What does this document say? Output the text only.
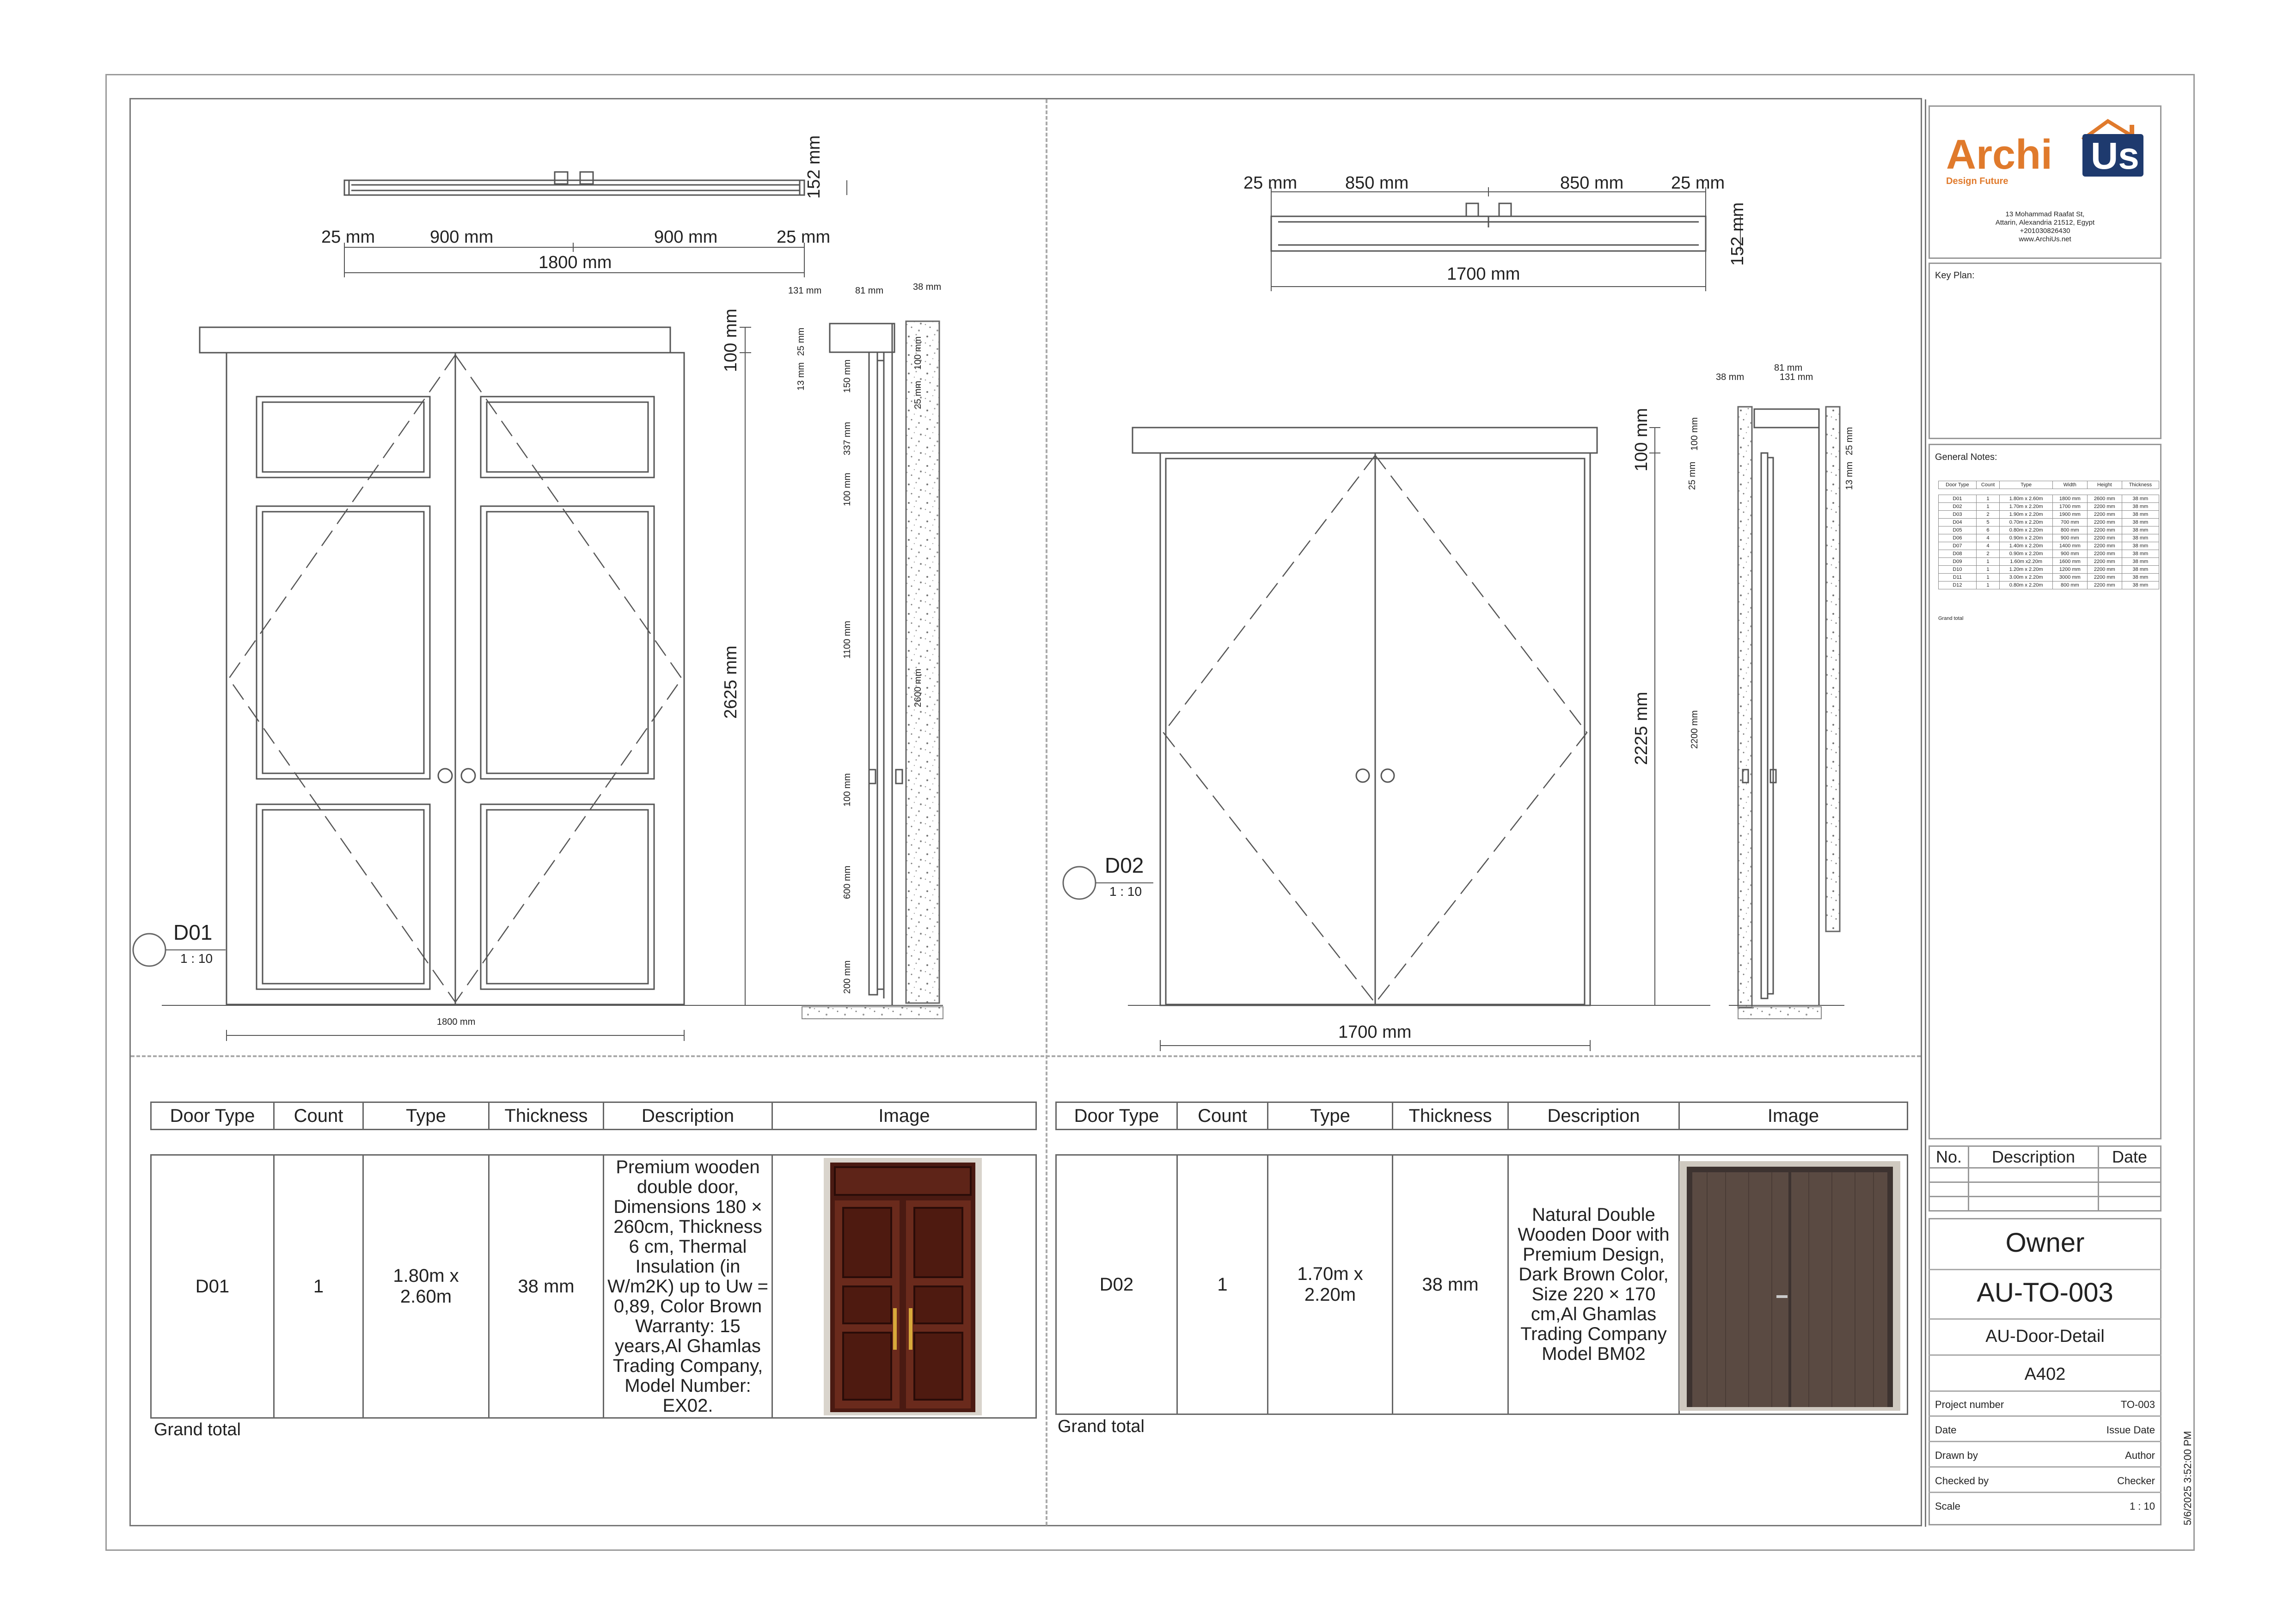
25 mm	900 mm	900 mm	25 mm
1800 mm
152 mm
100 mm
2625 mm
1800 mm
131 mm	81 mm	38 mm
13 mm
25 mm
150 mm
337 mm
100 mm
1100 mm
100 mm
600 mm
200 mm
100 mm
25 mm
2600 mm
D01
1 : 10
25 mm	850 mm	850 mm	25 mm
1700 mm
152 mm
100 mm
2225 mm
1700 mm
81 mm
38 mm	131 mm
25 mm
100 mm
2200 mm
13 mm
25 mm
D02
1 : 10
Door Type	Count	Type	Thickness	Description	Image
D01	1	1.80m x 2.60m	38 mm	Premium wooden double door, Dimensions 180 × 260cm, Thickness 6 cm, Thermal Insulation (in W/m2K) up to Uw = 0,89, Color Brown Warranty: 15 years,Al Ghamlas Trading Company, Model Number: EX02.	
Grand total
Door Type	Count	Type	Thickness	Description	Image
D02	1	1.70m x 2.20m	38 mm	Natural Double Wooden Door with Premium Design, Dark Brown Color, Size 220 × 170 cm,Al Ghamlas Trading Company Model BM02	
Grand total
Archi Us
Design Future
13 Mohammad Raafat St,
Attarin, Alexandria 21512, Egypt
+201030826430
www.ArchiUs.net
Key Plan:
General Notes:
Door Type	Count	Type	Width	Height	Thickness

D01	1	1.80m x 2.60m	1800 mm	2600 mm	38 mm
D02	1	1.70m x 2.20m	1700 mm	2200 mm	38 mm
D03	2	1.90m x 2.20m	1900 mm	2200 mm	38 mm
D04	5	0.70m x 2.20m	700 mm	2200 mm	38 mm
D05	6	0.80m x 2.20m	800 mm	2200 mm	38 mm
D06	4	0.90m x 2.20m	900 mm	2200 mm	38 mm
D07	4	1.40m x 2.20m	1400 mm	2200 mm	38 mm
D08	2	0.90m x 2.20m	900 mm	2200 mm	38 mm
D09	1	1.60m x2.20m	1600 mm	2200 mm	38 mm
D10	1	1.20m x 2.20m	1200 mm	2200 mm	38 mm
D11	1	3.00m x 2.20m	3000 mm	2200 mm	38 mm
D12	1	0.80m x 2.20m	800 mm	2200 mm	38 mm
Grand total
No.	Description	Date

Owner
AU-TO-003
AU-Door-Detail
A402
Project number	TO-003
Date	Issue Date
Drawn by	Author
Checked by	Checker
Scale	1 : 10	5/6/2025 3:52:00 PM
